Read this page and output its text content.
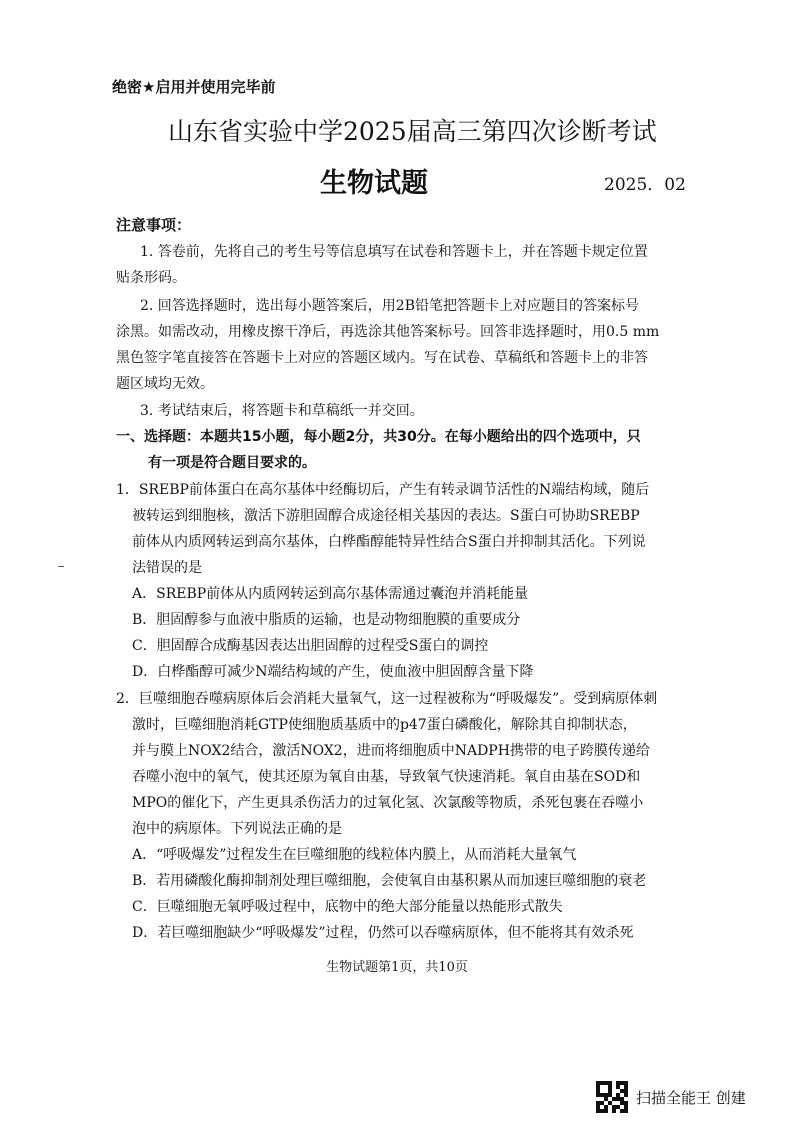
绝密★启用并使用完毕前
山东省实验中学2025届高三第四次诊断考试
生物试题	2025．02
注意事项：
1. 答卷前，先将自己的考生号等信息填写在试卷和答题卡上，并在答题卡规定位置
贴条形码。
2. 回答选择题时，选出每小题答案后，用2B铅笔把答题卡上对应题目的答案标号
涂黑。如需改动，用橡皮擦干净后，再选涂其他答案标号。回答非选择题时，用0.5 mm
黑色签字笔直接答在答题卡上对应的答题区域内。写在试卷、草稿纸和答题卡上的非答
题区域均无效。
3. 考试结束后，将答题卡和草稿纸一并交回。
一、选择题：本题共15小题，每小题2分，共30分。在每小题给出的四个选项中，只
有一项是符合题目要求的。
1．SREBP前体蛋白在高尔基体中经酶切后，产生有转录调节活性的N端结构域，随后
被转运到细胞核，激活下游胆固醇合成途径相关基因的表达。S蛋白可协助SREBP
前体从内质网转运到高尔基体，白桦酯醇能特异性结合S蛋白并抑制其活化。下列说
法错误的是
A．SREBP前体从内质网转运到高尔基体需通过囊泡并消耗能量
B．胆固醇参与血液中脂质的运输，也是动物细胞膜的重要成分
C．胆固醇合成酶基因表达出胆固醇的过程受S蛋白的调控
D．白桦酯醇可减少N端结构域的产生，使血液中胆固醇含量下降
2．巨噬细胞吞噬病原体后会消耗大量氧气，这一过程被称为“呼吸爆发”。受到病原体刺
激时，巨噬细胞消耗GTP使细胞质基质中的p47蛋白磷酸化，解除其自抑制状态，
并与膜上NOX2结合，激活NOX2，进而将细胞质中NADPH携带的电子跨膜传递给
吞噬小泡中的氧气，使其还原为氧自由基，导致氧气快速消耗。氧自由基在SOD和
MPO的催化下，产生更具杀伤活力的过氧化氢、次氯酸等物质，杀死包裹在吞噬小
泡中的病原体。下列说法正确的是
A．“呼吸爆发”过程发生在巨噬细胞的线粒体内膜上，从而消耗大量氧气
B．若用磷酸化酶抑制剂处理巨噬细胞，会使氧自由基积累从而加速巨噬细胞的衰老
C．巨噬细胞无氧呼吸过程中，底物中的绝大部分能量以热能形式散失
D．若巨噬细胞缺少“呼吸爆发”过程，仍然可以吞噬病原体，但不能将其有效杀死
生物试题第1页，共10页
扫描全能王 创建
